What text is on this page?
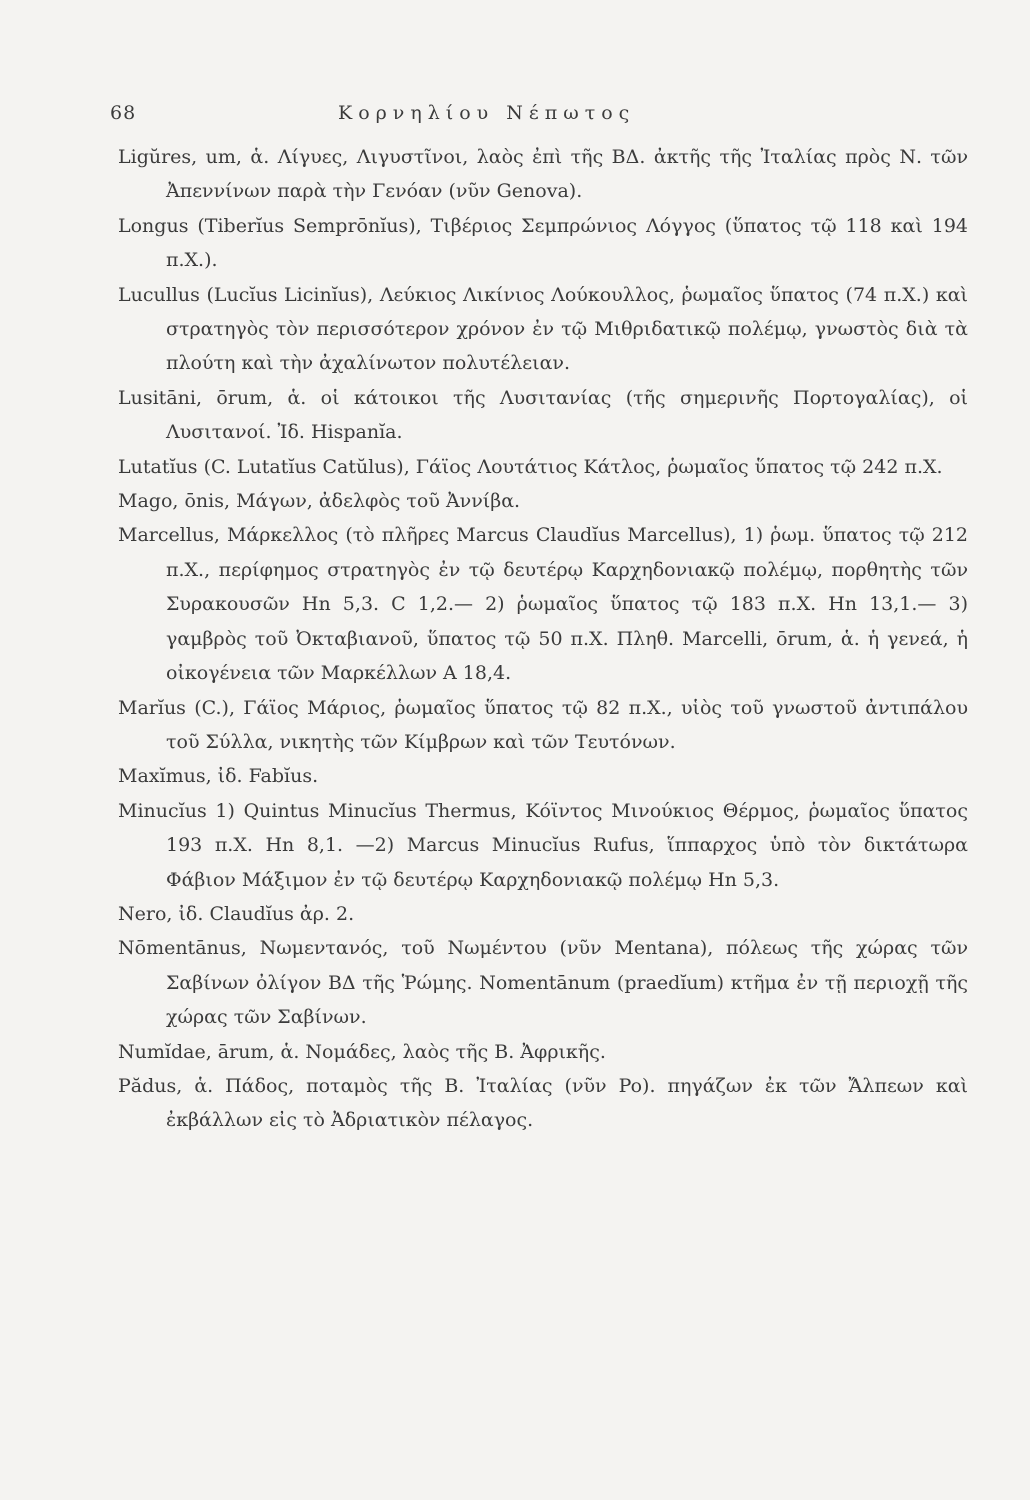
68	Κορνηλίου Νέπωτος

Ligŭres, um, ἁ. Λίγυες, Λιγυστῖνοι, λαὸς ἐπὶ τῆς ΒΔ. ἀκτῆς τῆς Ἰταλίας πρὸς Ν. τῶν Ἀπεννίνων παρὰ τὴν Γενόαν (νῦν Genova).

Longus (Tiberĭus Semprōnĭus), Τιβέριος Σεμπρώνιος Λόγγος (ὕπατος τῷ 118 καὶ 194 π.Χ.).

Lucullus (Lucĭus Licinĭus), Λεύκιος Λικίνιος Λούκουλλος, ῥωμαῖος ὕπατος (74 π.Χ.) καὶ στρατηγὸς τὸν περισσότερον χρόνον ἐν τῷ Μιθριδατικῷ πολέμῳ, γνωστὸς διὰ τὰ πλούτη καὶ τὴν ἀχαλίνωτον πολυτέλειαν.

Lusitāni, ōrum, ἁ. οἱ κάτοικοι τῆς Λυσιτανίας (τῆς σημερινῆς Πορτογαλίας), οἱ Λυσιτανοί. Ἰδ. Hispanĭa.

Lutatĭus (C. Lutatĭus Catŭlus), Γάϊος Λουτάτιος Κάτλος, ῥωμαῖος ὕπατος τῷ 242 π.Χ.

Mago, ōnis, Μάγων, ἀδελφὸς τοῦ Ἀννίβα.

Marcellus, Μάρκελλος (τὸ πλῆρες Marcus Claudĭus Marcellus), 1) ῥωμ. ὕπατος τῷ 212 π.Χ., περίφημος στρατηγὸς ἐν τῷ δευτέρῳ Καρχηδονιακῷ πολέμῳ, πορθητὴς τῶν Συρακουσῶν Hn 5,3. C 1,2.— 2) ῥωμαῖος ὕπατος τῷ 183 π.Χ. Hn 13,1.— 3) γαμβρὸς τοῦ Ὀκταβιανοῦ, ὕπατος τῷ 50 π.Χ. Πληθ. Marcelli, ōrum, ἁ. ἡ γενεά, ἡ οἰκογένεια τῶν Μαρκέλλων A 18,4.

Marĭus (C.), Γάϊος Μάριος, ῥωμαῖος ὕπατος τῷ 82 π.Χ., υἱὸς τοῦ γνωστοῦ ἀντιπάλου τοῦ Σύλλα, νικητὴς τῶν Κίμβρων καὶ τῶν Τευτόνων.

Maxĭmus, ἰδ. Fabĭus.

Minucĭus 1) Quintus Minucĭus Thermus, Κόϊντος Μινούκιος Θέρμος, ῥωμαῖος ὕπατος 193 π.Χ. Hn 8,1. —2) Marcus Minucĭus Rufus, ἵππαρχος ὑπὸ τὸν δικτάτωρα Φάβιον Μάξιμον ἐν τῷ δευτέρῳ Καρχηδονιακῷ πολέμῳ Hn 5,3.

Nero, ἰδ. Claudĭus ἀρ. 2.

Nōmentānus, Νωμεντανός, τοῦ Νωμέντου (νῦν Mentana), πόλεως τῆς χώρας τῶν Σαβίνων ὀλίγον ΒΔ τῆς Ῥώμης. Nomentānum (praedĭum) κτῆμα ἐν τῇ περιοχῇ τῆς χώρας τῶν Σαβίνων.

Numĭdae, ārum, ἁ. Νομάδες, λαὸς τῆς Β. Ἀφρικῆς.

Pădus, ἁ. Πάδος, ποταμὸς τῆς Β. Ἰταλίας (νῦν Po). πηγάζων ἐκ τῶν Ἄλπεων καὶ ἐκβάλλων εἰς τὸ Ἀδριατικὸν πέλαγος.
